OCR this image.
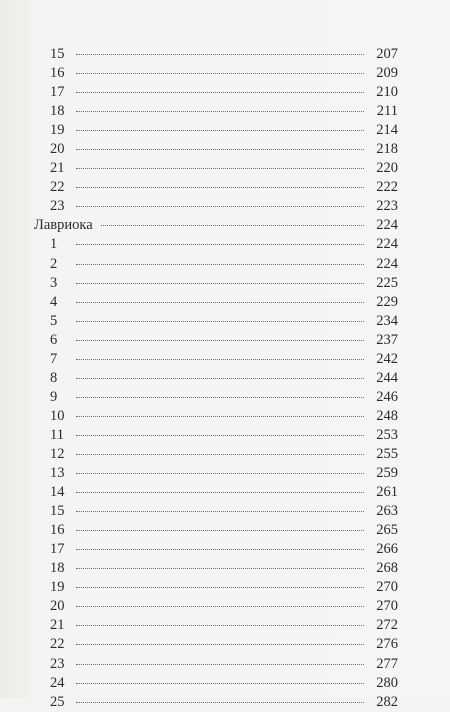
15	207
16	209
17	210
18	211
19	214
20	218
21	220
22	222
23	223
Лавриока	224
1	224
2	224
3	225
4	229
5	234
6	237
7	242
8	244
9	246
10	248
11	253
12	255
13	259
14	261
15	263
16	265
17	266
18	268
19	270
20	270
21	272
22	276
23	277
24	280
25	282
